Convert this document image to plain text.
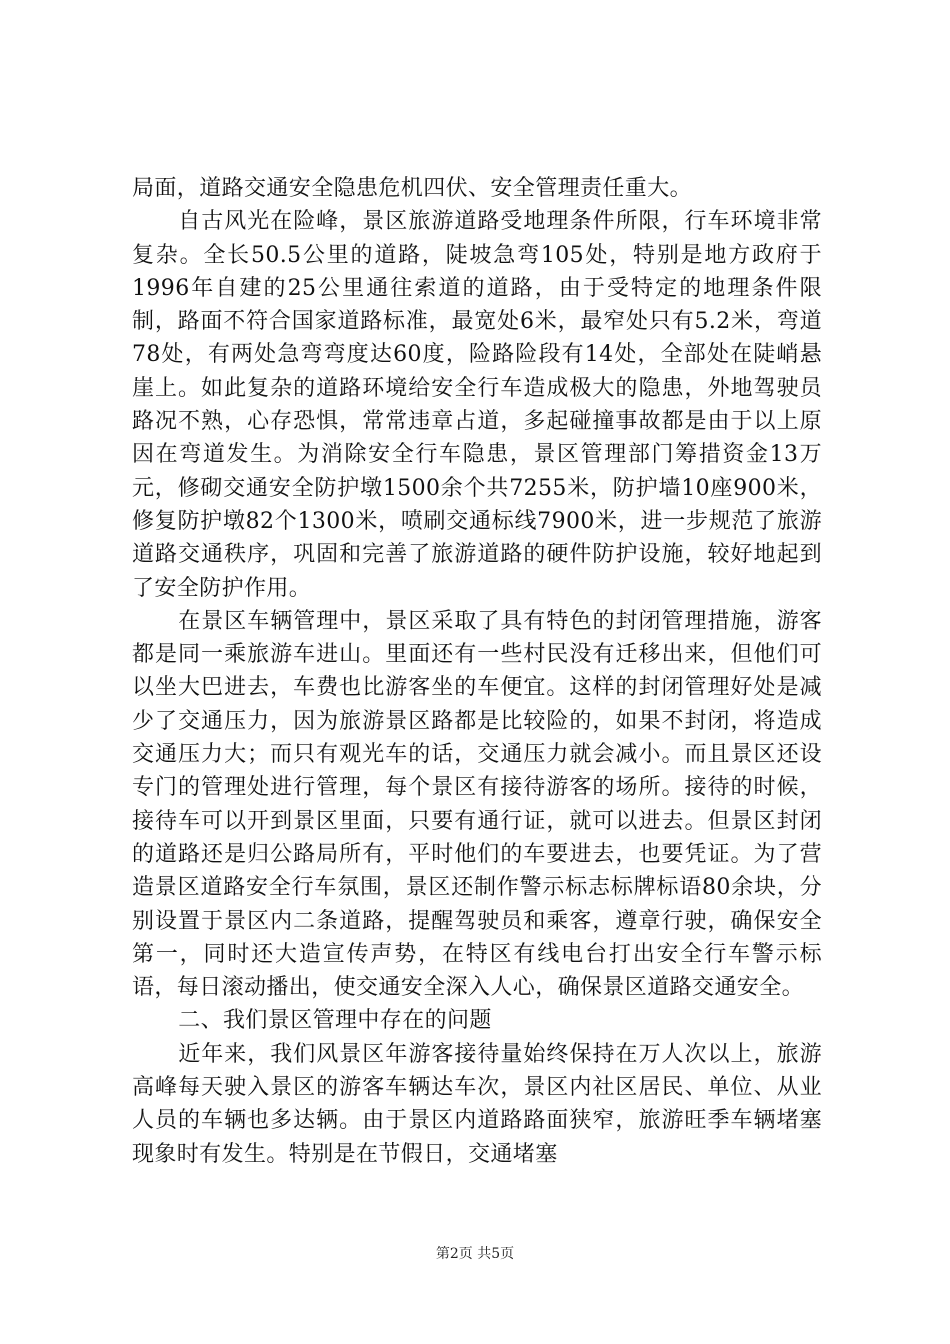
局面，道路交通安全隐患危机四伏、安全管理责任重大。

自古风光在险峰，景区旅游道路受地理条件所限，行车环境非常复杂。全长50.5公里的道路，陡坡急弯105处，特别是地方政府于1996年自建的25公里通往索道的道路，由于受特定的地理条件限制，路面不符合国家道路标准，最宽处6米，最窄处只有5.2米，弯道78处，有两处急弯弯度达60度，险路险段有14处，全部处在陡峭悬崖上。如此复杂的道路环境给安全行车造成极大的隐患，外地驾驶员路况不熟，心存恐惧，常常违章占道，多起碰撞事故都是由于以上原因在弯道发生。为消除安全行车隐患，景区管理部门筹措资金13万元，修砌交通安全防护墩1500余个共7255米，防护墙10座900米，修复防护墩82个1300米，喷刷交通标线7900米，进一步规范了旅游道路交通秩序，巩固和完善了旅游道路的硬件防护设施，较好地起到了安全防护作用。

在景区车辆管理中，景区采取了具有特色的封闭管理措施，游客都是同一乘旅游车进山。里面还有一些村民没有迁移出来，但他们可以坐大巴进去，车费也比游客坐的车便宜。这样的封闭管理好处是减少了交通压力，因为旅游景区路都是比较险的，如果不封闭，将造成交通压力大；而只有观光车的话，交通压力就会减小。而且景区还设专门的管理处进行管理，每个景区有接待游客的场所。接待的时候，接待车可以开到景区里面，只要有通行证，就可以进去。但景区封闭的道路还是归公路局所有，平时他们的车要进去，也要凭证。为了营造景区道路安全行车氛围，景区还制作警示标志标牌标语80余块，分别设置于景区内二条道路，提醒驾驶员和乘客，遵章行驶，确保安全第一，同时还大造宣传声势，在特区有线电台打出安全行车警示标语，每日滚动播出，使交通安全深入人心，确保景区道路交通安全。

二、我们景区管理中存在的问题

近年来，我们风景区年游客接待量始终保持在万人次以上，旅游高峰每天驶入景区的游客车辆达车次，景区内社区居民、单位、从业人员的车辆也多达辆。由于景区内道路路面狭窄，旅游旺季车辆堵塞现象时有发生。特别是在节假日，交通堵塞

第2页 共5页
